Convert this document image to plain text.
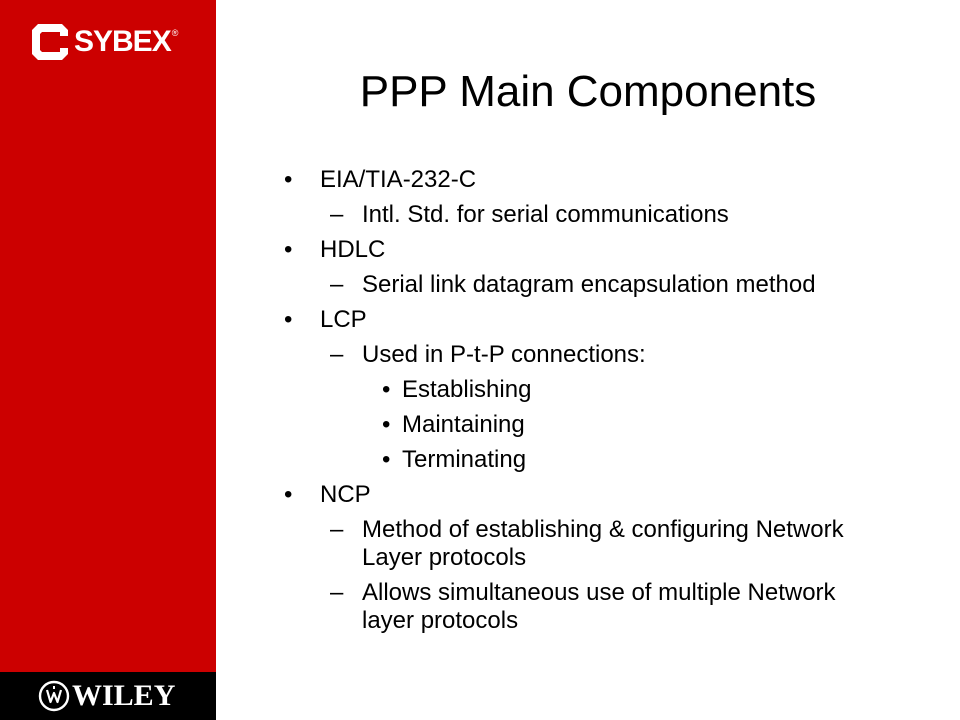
SYBEX ®
WILEY
PPP Main Components
• EIA/TIA-232-C
– Intl. Std. for serial communications
• HDLC
– Serial link datagram encapsulation method
• LCP
– Used in P-t-P connections:
• Establishing
• Maintaining
• Terminating
• NCP
– Method of establishing & configuring Network
Layer protocols
– Allows simultaneous use of multiple Network
layer protocols
